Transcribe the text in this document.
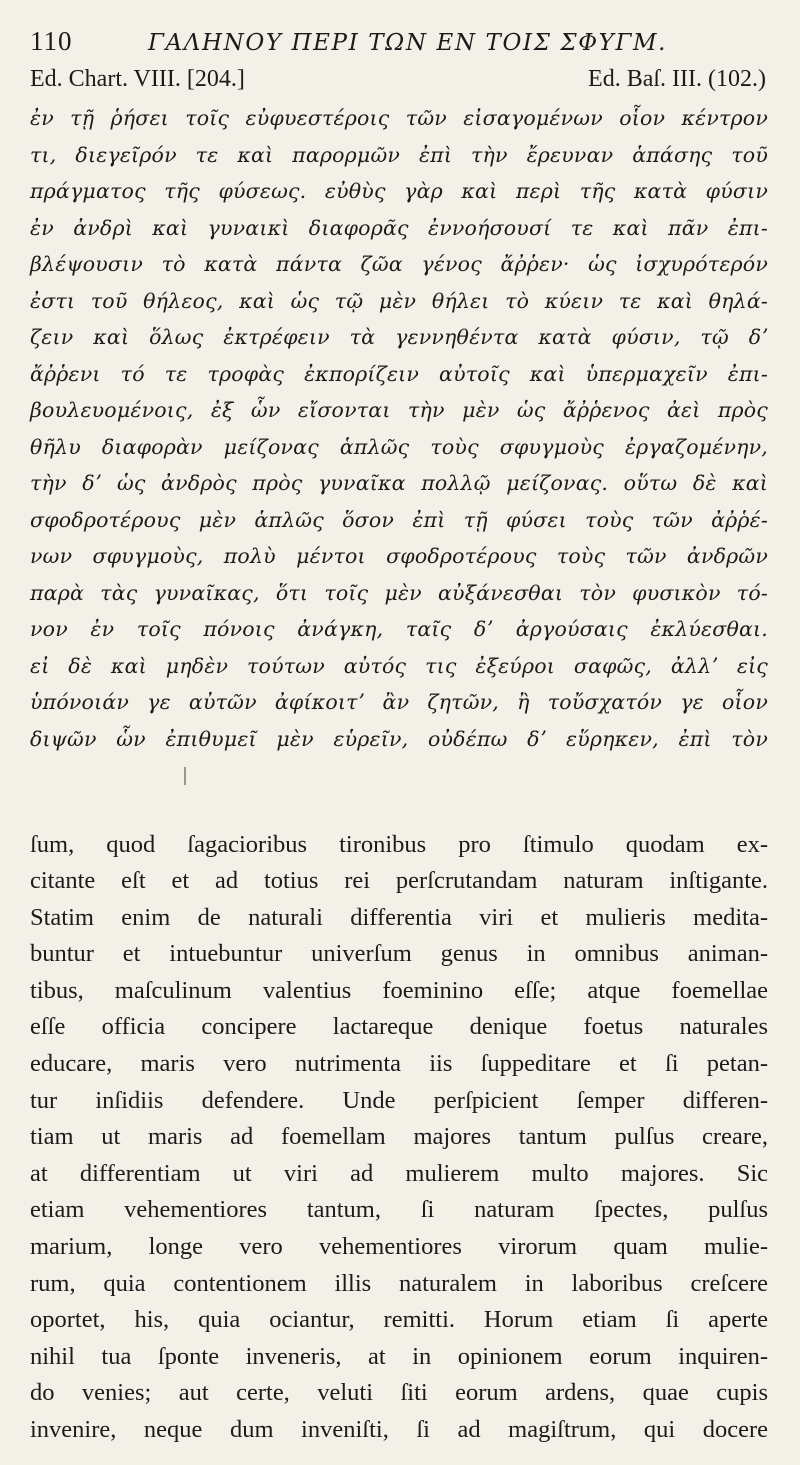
110	ΓΑΛΗΝΟΥ ΠΕΡΙ ΤΩΝ ΕΝ ΤΟΙΣ ΣΦΥΓΜ.
Ed. Chart. VIII. [204.]	Ed. Baſ. III. (102.)
ἐν τῇ ῥήσει τοῖς εὐφυεστέροις τῶν εἰσαγομένων οἷον κέντρον
τι, διεγεῖρόν τε καὶ παρορμῶν ἐπὶ τὴν ἔρευναν ἁπάσης τοῦ
πράγματος τῆς φύσεως. εὐθὺς γὰρ καὶ περὶ τῆς κατὰ φύσιν
ἐν ἀνδρὶ καὶ γυναικὶ διαφορᾶς ἐννοήσουσί τε καὶ πᾶν ἐπι-
βλέψουσιν τὸ κατὰ πάντα ζῶα γένος ἄῤῥεν· ὡς ἰσχυρότερόν
ἐστι τοῦ θήλεος, καὶ ὡς τῷ μὲν θήλει τὸ κύειν τε καὶ θηλά-
ζειν καὶ ὅλως ἐκτρέφειν τὰ γεννηθέντα κατὰ φύσιν, τῷ δʼ
ἄῤῥενι τό τε τροφὰς ἐκπορίζειν αὐτοῖς καὶ ὑπερμαχεῖν ἐπι-
βουλευομένοις, ἐξ ὧν εἴσονται τὴν μὲν ὡς ἄῤῥενος ἀεὶ πρὸς
θῆλυ διαφορὰν μείζονας ἁπλῶς τοὺς σφυγμοὺς ἐργαζομένην,
τὴν δʼ ὡς ἀνδρὸς πρὸς γυναῖκα πολλῷ μείζονας. οὕτω δὲ καὶ
σφοδροτέρους μὲν ἁπλῶς ὅσον ἐπὶ τῇ φύσει τοὺς τῶν ἀῤῥέ-
νων σφυγμοὺς, πολὺ μέντοι σφοδροτέρους τοὺς τῶν ἀνδρῶν
παρὰ τὰς γυναῖκας, ὅτι τοῖς μὲν αὐξάνεσθαι τὸν φυσικὸν τό-
νον ἐν τοῖς πόνοις ἀνάγκη, ταῖς δʼ ἀργούσαις ἐκλύεσθαι.
εἰ δὲ καὶ μηδὲν τούτων αὐτός τις ἐξεύροι σαφῶς, ἀλλʼ εἰς
ὑπόνοιάν γε αὐτῶν ἀφίκοιτʼ ἂν ζητῶν, ἢ τοὔσχατόν γε οἷον
διψῶν ὧν ἐπιθυμεῖ μὲν εὑρεῖν, οὐδέπω δʼ εὕρηκεν, ἐπὶ τὸν
ſum, quod ſagacioribus tironibus pro ſtimulo quodam ex-
citante eſt et ad totius rei perſcrutandam naturam inſtigante.
Statim enim de naturali differentia viri et mulieris medita-
buntur et intuebuntur univerſum genus in omnibus animan-
tibus, maſculinum valentius foeminino eſſe; atque foemellae
eſſe officia concipere lactareque denique foetus naturales
educare, maris vero nutrimenta iis ſuppeditare et ſi petan-
tur inſidiis defendere. Unde perſpicient ſemper differen-
tiam ut maris ad foemellam majores tantum pulſus creare,
at differentiam ut viri ad mulierem multo majores. Sic
etiam vehementiores tantum, ſi naturam ſpectes, pulſus
marium, longe vero vehementiores virorum quam mulie-
rum, quia contentionem illis naturalem in laboribus creſcere
oportet, his, quia ociantur, remitti. Horum etiam ſi aperte
nihil tua ſponte inveneris, at in opinionem eorum inquiren-
do venies; aut certe, veluti ſiti eorum ardens, quae cupis
invenire, neque dum inveniſti, ſi ad magiſtrum, qui docere
